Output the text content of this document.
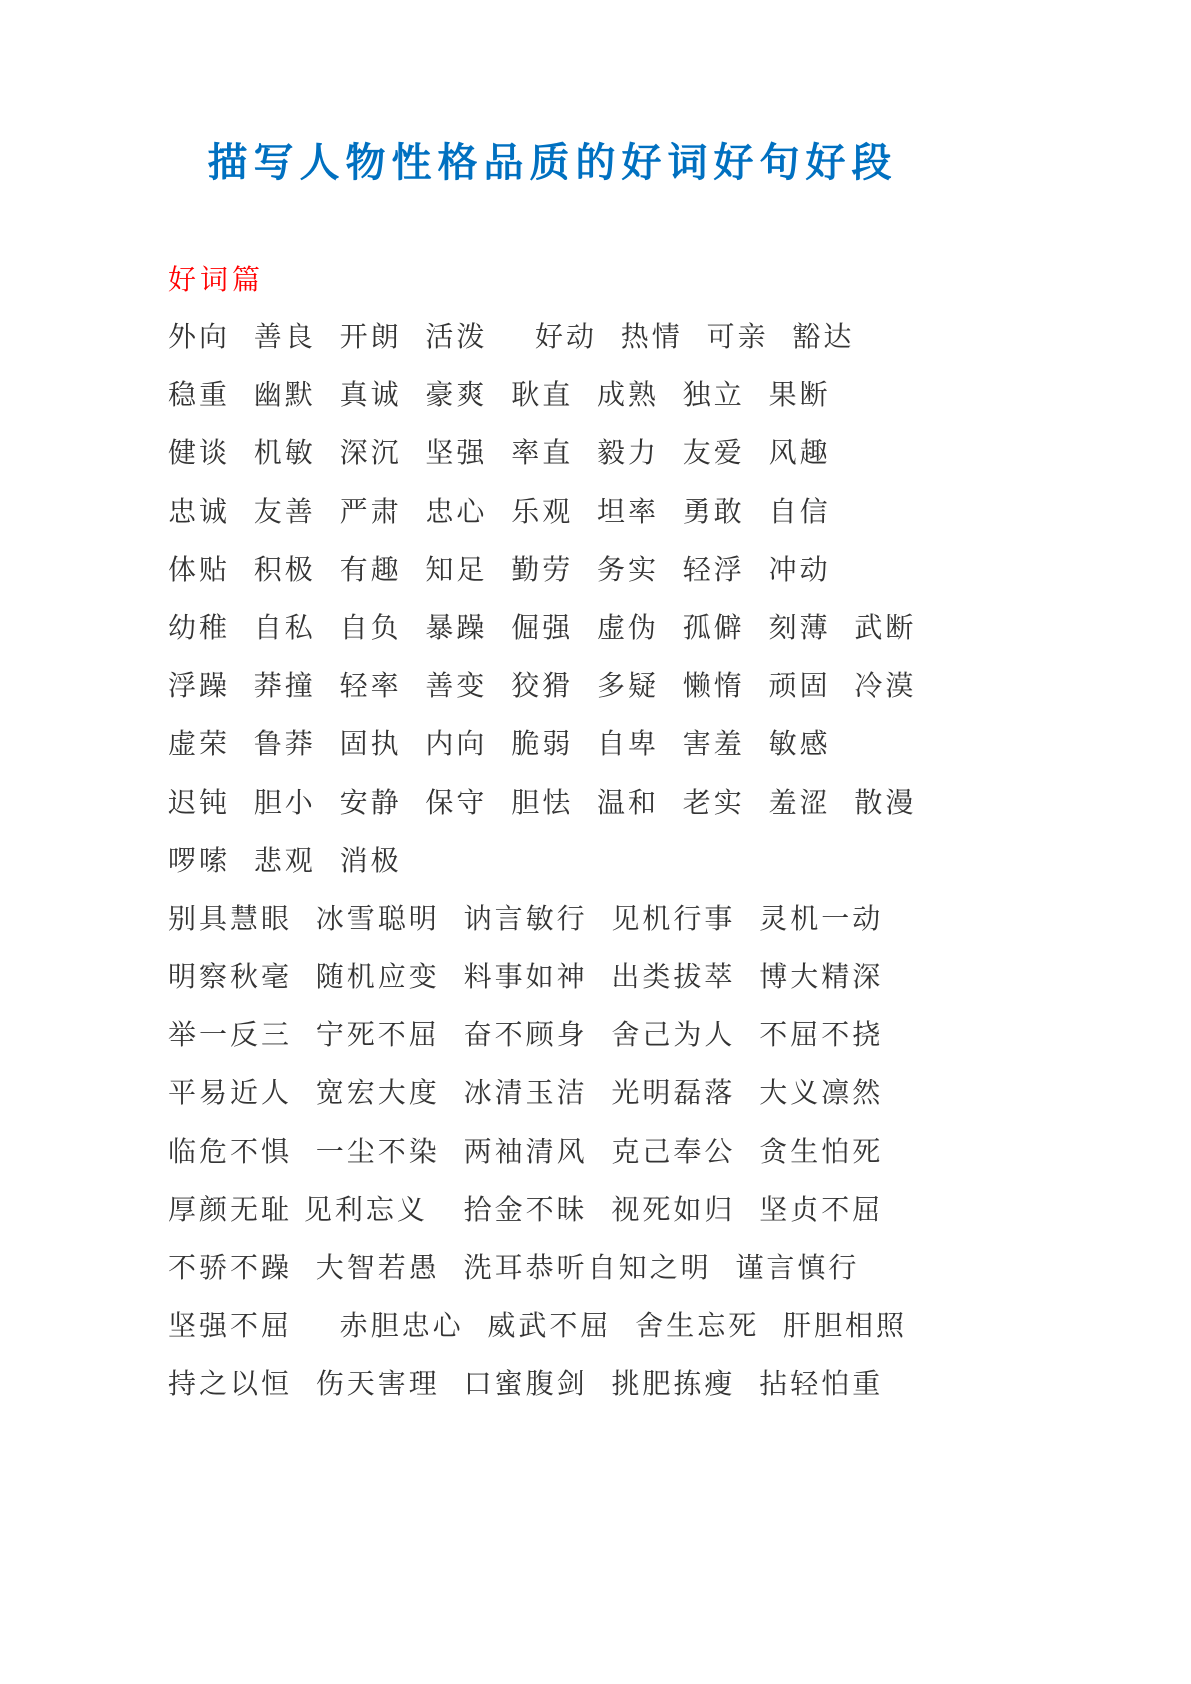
描写人物性格品质的好词好句好段
好词篇
外向  善良  开朗  活泼    好动  热情  可亲  豁达
稳重  幽默  真诚  豪爽  耿直  成熟  独立  果断
健谈  机敏  深沉  坚强  率直  毅力  友爱  风趣
忠诚  友善  严肃  忠心  乐观  坦率  勇敢  自信
体贴  积极  有趣  知足  勤劳  务实  轻浮  冲动
幼稚  自私  自负  暴躁  倔强  虚伪  孤僻  刻薄  武断
浮躁  莽撞  轻率  善变  狡猾  多疑  懒惰  顽固  冷漠
虚荣  鲁莽  固执  内向  脆弱  自卑  害羞  敏感
迟钝  胆小  安静  保守  胆怯  温和  老实  羞涩  散漫
啰嗦  悲观  消极
别具慧眼  冰雪聪明  讷言敏行  见机行事  灵机一动
明察秋毫  随机应变  料事如神  出类拔萃  博大精深
举一反三  宁死不屈  奋不顾身  舍己为人  不屈不挠
平易近人  宽宏大度  冰清玉洁  光明磊落  大义凛然
临危不惧  一尘不染  两袖清风  克己奉公  贪生怕死
厚颜无耻 见利忘义   拾金不昧  视死如归  坚贞不屈
不骄不躁  大智若愚  洗耳恭听自知之明  谨言慎行
坚强不屈    赤胆忠心  威武不屈  舍生忘死  肝胆相照
持之以恒  伤天害理  口蜜腹剑  挑肥拣瘦  拈轻怕重
